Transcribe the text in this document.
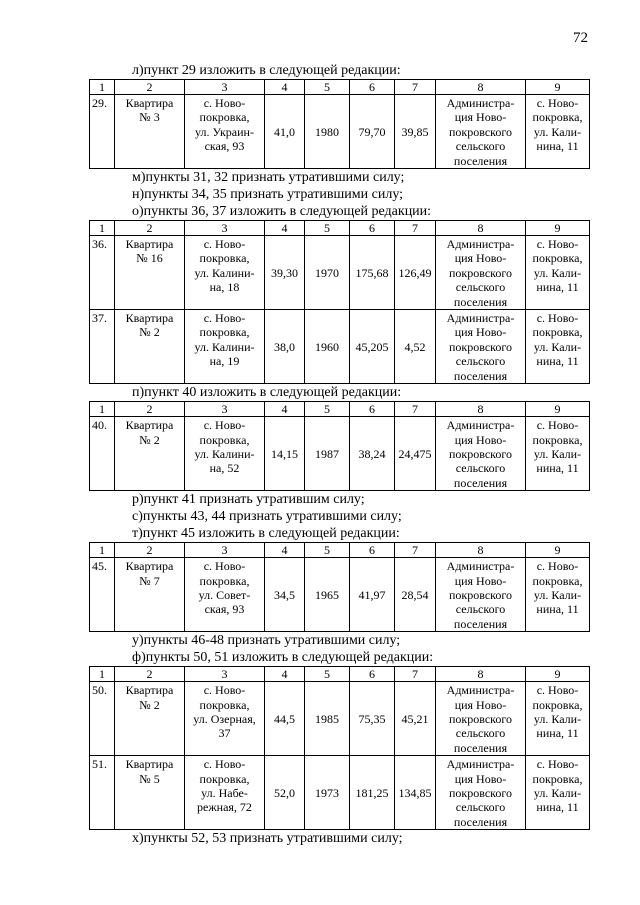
72
л)пункт 29 изложить в следующей редакции:
1	2	3	4	5	6	7	8	9
29.	Квартира
№ 3	с. Ново-
покровка,
ул. Украин-
ская, 93	41,0	1980	79,70	39,85	Администра-
ция Ново-
покровского
сельского
поселения	с. Ново-
покровка,
ул. Кали-
нина, 11
м)пункты 31, 32 признать утратившими силу;
н)пункты 34, 35 признать утратившими силу;
о)пункты 36, 37 изложить в следующей редакции:
1	2	3	4	5	6	7	8	9
36.	Квартира
№ 16	с. Ново-
покровка,
ул. Калини-
на, 18	39,30	1970	175,68	126,49	Администра-
ция Ново-
покровского
сельского
поселения	с. Ново-
покровка,
ул. Кали-
нина, 11
37.	Квартира
№ 2	с. Ново-
покровка,
ул. Калини-
на, 19	38,0	1960	45,205	4,52	Администра-
ция Ново-
покровского
сельского
поселения	с. Ново-
покровка,
ул. Кали-
нина, 11
п)пункт 40 изложить в следующей редакции:
1	2	3	4	5	6	7	8	9
40.	Квартира
№ 2	с. Ново-
покровка,
ул. Калини-
на, 52	14,15	1987	38,24	24,475	Администра-
ция Ново-
покровского
сельского
поселения	с. Ново-
покровка,
ул. Кали-
нина, 11
р)пункт 41 признать утратившим силу;
с)пункты 43, 44 признать утратившими силу;
т)пункт 45 изложить в следующей редакции:
1	2	3	4	5	6	7	8	9
45.	Квартира
№ 7	с. Ново-
покровка,
ул. Совет-
ская, 93	34,5	1965	41,97	28,54	Администра-
ция Ново-
покровского
сельского
поселения	с. Ново-
покровка,
ул. Кали-
нина, 11
у)пункты 46-48 признать утратившими силу;
ф)пункты 50, 51 изложить в следующей редакции:
1	2	3	4	5	6	7	8	9
50.	Квартира
№ 2	с. Ново-
покровка,
ул. Озерная,
37	44,5	1985	75,35	45,21	Администра-
ция Ново-
покровского
сельского
поселения	с. Ново-
покровка,
ул. Кали-
нина, 11
51.	Квартира
№ 5	с. Ново-
покровка,
ул. Набе-
режная, 72	52,0	1973	181,25	134,85	Администра-
ция Ново-
покровского
сельского
поселения	с. Ново-
покровка,
ул. Кали-
нина, 11
х)пункты 52, 53 признать утратившими силу;
